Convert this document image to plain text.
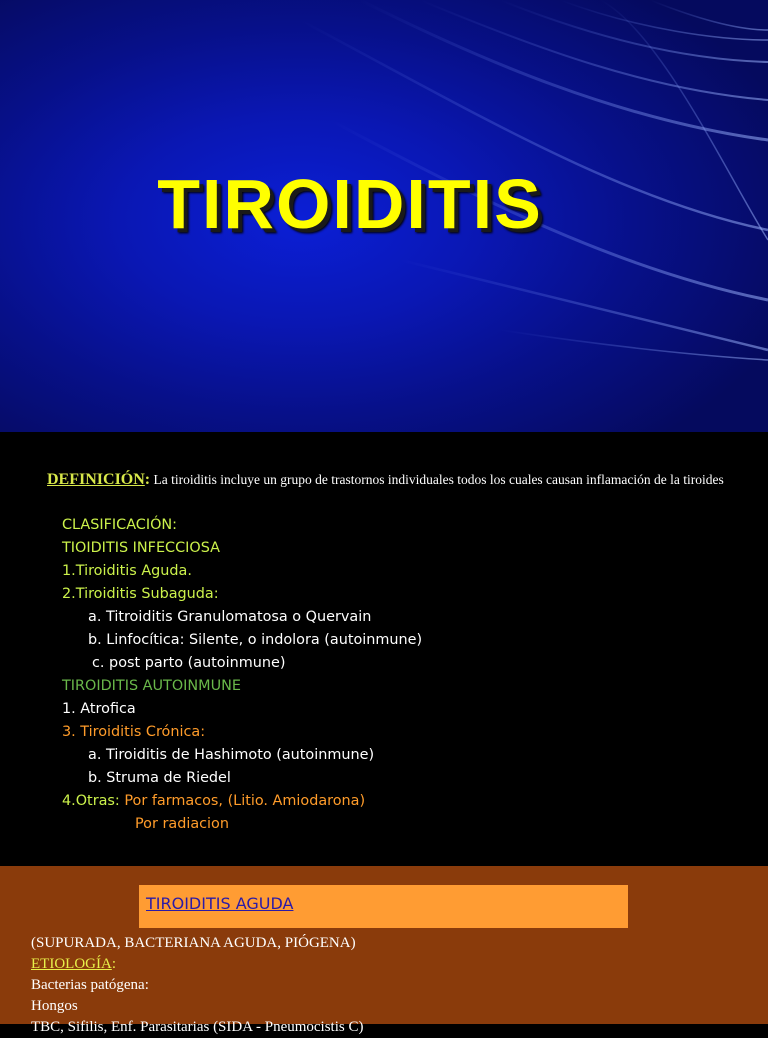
TIROIDITIS
DEFINICIÓN: La tiroiditis incluye un grupo de trastornos individuales todos los cuales causan inflamación de la tiroides
CLASIFICACIÓN:
TIOIDITIS INFECCIOSA
1.Tiroiditis Aguda.
2.Tiroiditis Subaguda:
a. Titroiditis Granulomatosa o Quervain
b. Linfocítica: Silente, o indolora (autoinmune)
c. post parto (autoinmune)
TIROIDITIS AUTOINMUNE
1. Atrofica
3. Tiroiditis Crónica:
a. Tiroiditis de Hashimoto (autoinmune)
b. Struma de Riedel
4.Otras: Por farmacos, (Litio. Amiodarona)
Por radiacion
TIROIDITIS AGUDA
(SUPURADA, BACTERIANA AGUDA, PIÓGENA)
ETIOLOGÍA:
Bacterias patógena:
Hongos
TBC, Sifilis, Enf. Parasitarias (SIDA - Pneumocistis C)
